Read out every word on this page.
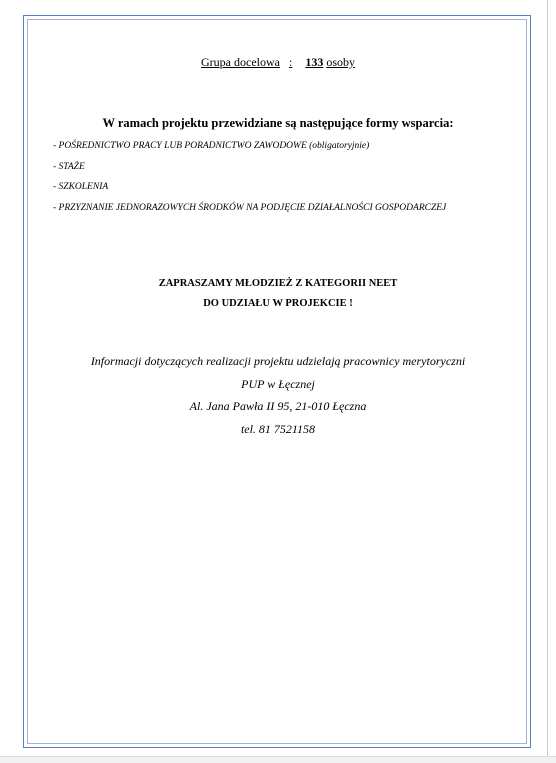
Grupa docelowa : 133 osoby
W ramach projektu przewidziane są następujące formy wsparcia:
- POŚREDNICTWO PRACY LUB PORADNICTWO ZAWODOWE (obligatoryjnie)
- STAŻE
- SZKOLENIA
- PRZYZNANIE JEDNORAZOWYCH ŚRODKÓW NA PODJĘCIE DZIAŁALNOŚCI GOSPODARCZEJ
ZAPRASZAMY MŁODZIEŻ Z KATEGORII NEET
DO UDZIAŁU W PROJEKCIE !
Informacji dotyczących realizacji projektu udzielają pracownicy merytoryczni
PUP w Łęcznej
Al. Jana Pawła II 95, 21-010 Łęczna
tel. 81 7521158
